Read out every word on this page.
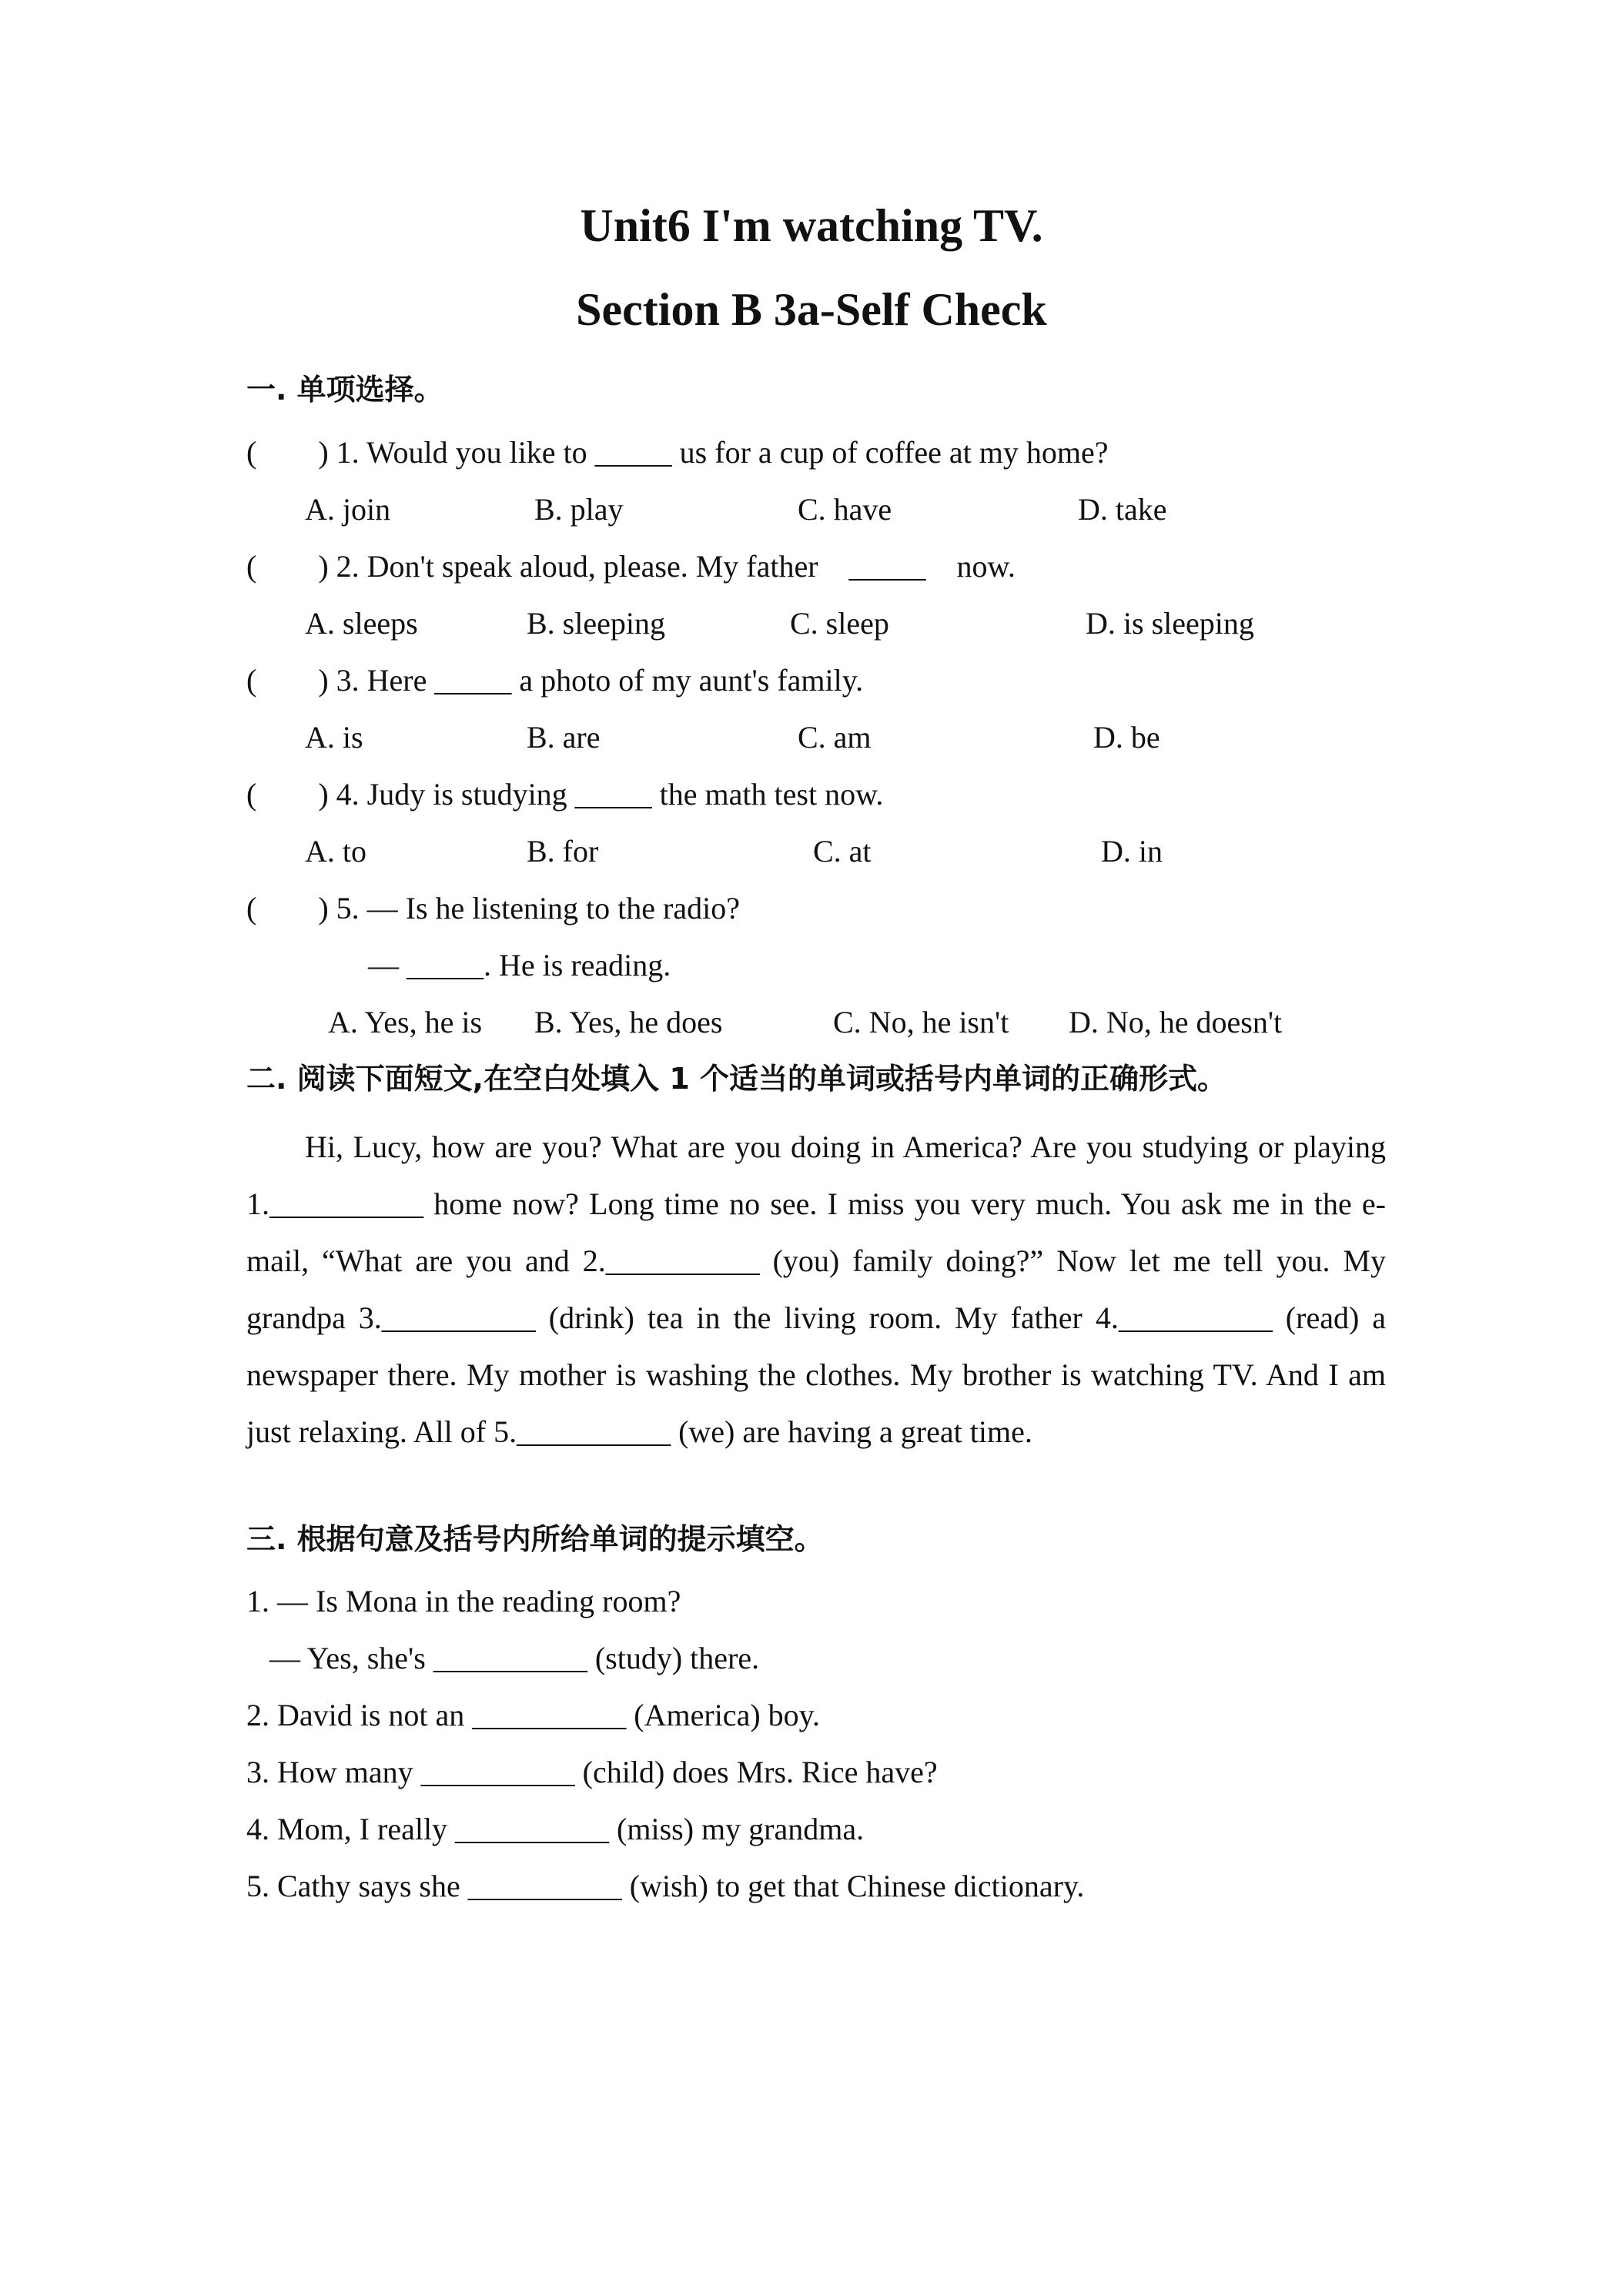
Unit6 I'm watching TV.
Section B 3a-Self Check
一. 单项选择。
(        ) 1. Would you like to _____ us for a cup of coffee at my home?
A. join	B. play	C. have	D. take
(        ) 2. Don't speak aloud, please. My father    _____    now.
A. sleeps	B. sleeping	C. sleep	D. is sleeping
(        ) 3. Here _____ a photo of my aunt's family.
A. is	B. are	C. am	D. be
(        ) 4. Judy is studying _____ the math test now.
A. to	B. for	C. at	D. in
(        ) 5. — Is he listening to the radio?
— _____. He is reading.
A. Yes, he is B. Yes, he does	C. No, he isn't D. No, he doesn't
二. 阅读下面短文,在空白处填入 1 个适当的单词或括号内单词的正确形式。

Hi, Lucy, how are you? What are you doing in America? Are you studying or playing 1.__________ home now? Long time no see. I miss you very much. You ask me in the e-mail, “What are you and 2.__________ (you) family doing?” Now let me tell you. My grandpa 3.__________ (drink) tea in the living room. My father 4.__________ (read) a newspaper there. My mother is washing the clothes. My brother is watching TV. And I am just relaxing. All of 5.__________ (we) are having a great time.

三. 根据句意及括号内所给单词的提示填空。
1. — Is Mona in the reading room?
— Yes, she's __________ (study) there.
2. David is not an __________ (America) boy.
3. How many __________ (child) does Mrs. Rice have?
4. Mom, I really __________ (miss) my grandma.
5. Cathy says she __________ (wish) to get that Chinese dictionary.
